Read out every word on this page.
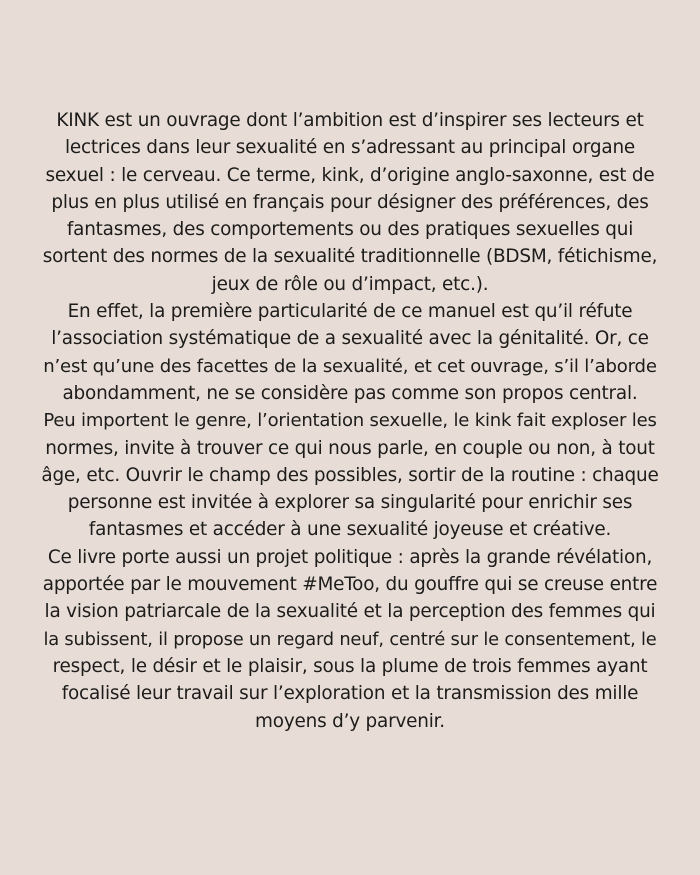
KINK est un ouvrage dont l’ambition est d’inspirer ses lecteurs et
lectrices dans leur sexualité en s’adressant au principal organe
sexuel : le cerveau. Ce terme, kink, d’origine anglo-saxonne, est de
plus en plus utilisé en français pour désigner des préférences, des
fantasmes, des comportements ou des pratiques sexuelles qui
sortent des normes de la sexualité traditionnelle (BDSM, fétichisme,
jeux de rôle ou d’impact, etc.).
En effet, la première particularité de ce manuel est qu’il réfute
l’association systématique de a sexualité avec la génitalité. Or, ce
n’est qu’une des facettes de la sexualité, et cet ouvrage, s’il l’aborde
abondamment, ne se considère pas comme son propos central.
Peu importent le genre, l’orientation sexuelle, le kink fait exploser les
normes, invite à trouver ce qui nous parle, en couple ou non, à tout
âge, etc. Ouvrir le champ des possibles, sortir de la routine : chaque
personne est invitée à explorer sa singularité pour enrichir ses
fantasmes et accéder à une sexualité joyeuse et créative.
Ce livre porte aussi un projet politique : après la grande révélation,
apportée par le mouvement #MeToo, du gouffre qui se creuse entre
la vision patriarcale de la sexualité et la perception des femmes qui
la subissent, il propose un regard neuf, centré sur le consentement, le
respect, le désir et le plaisir, sous la plume de trois femmes ayant
focalisé leur travail sur l’exploration et la transmission des mille
moyens d’y parvenir.
